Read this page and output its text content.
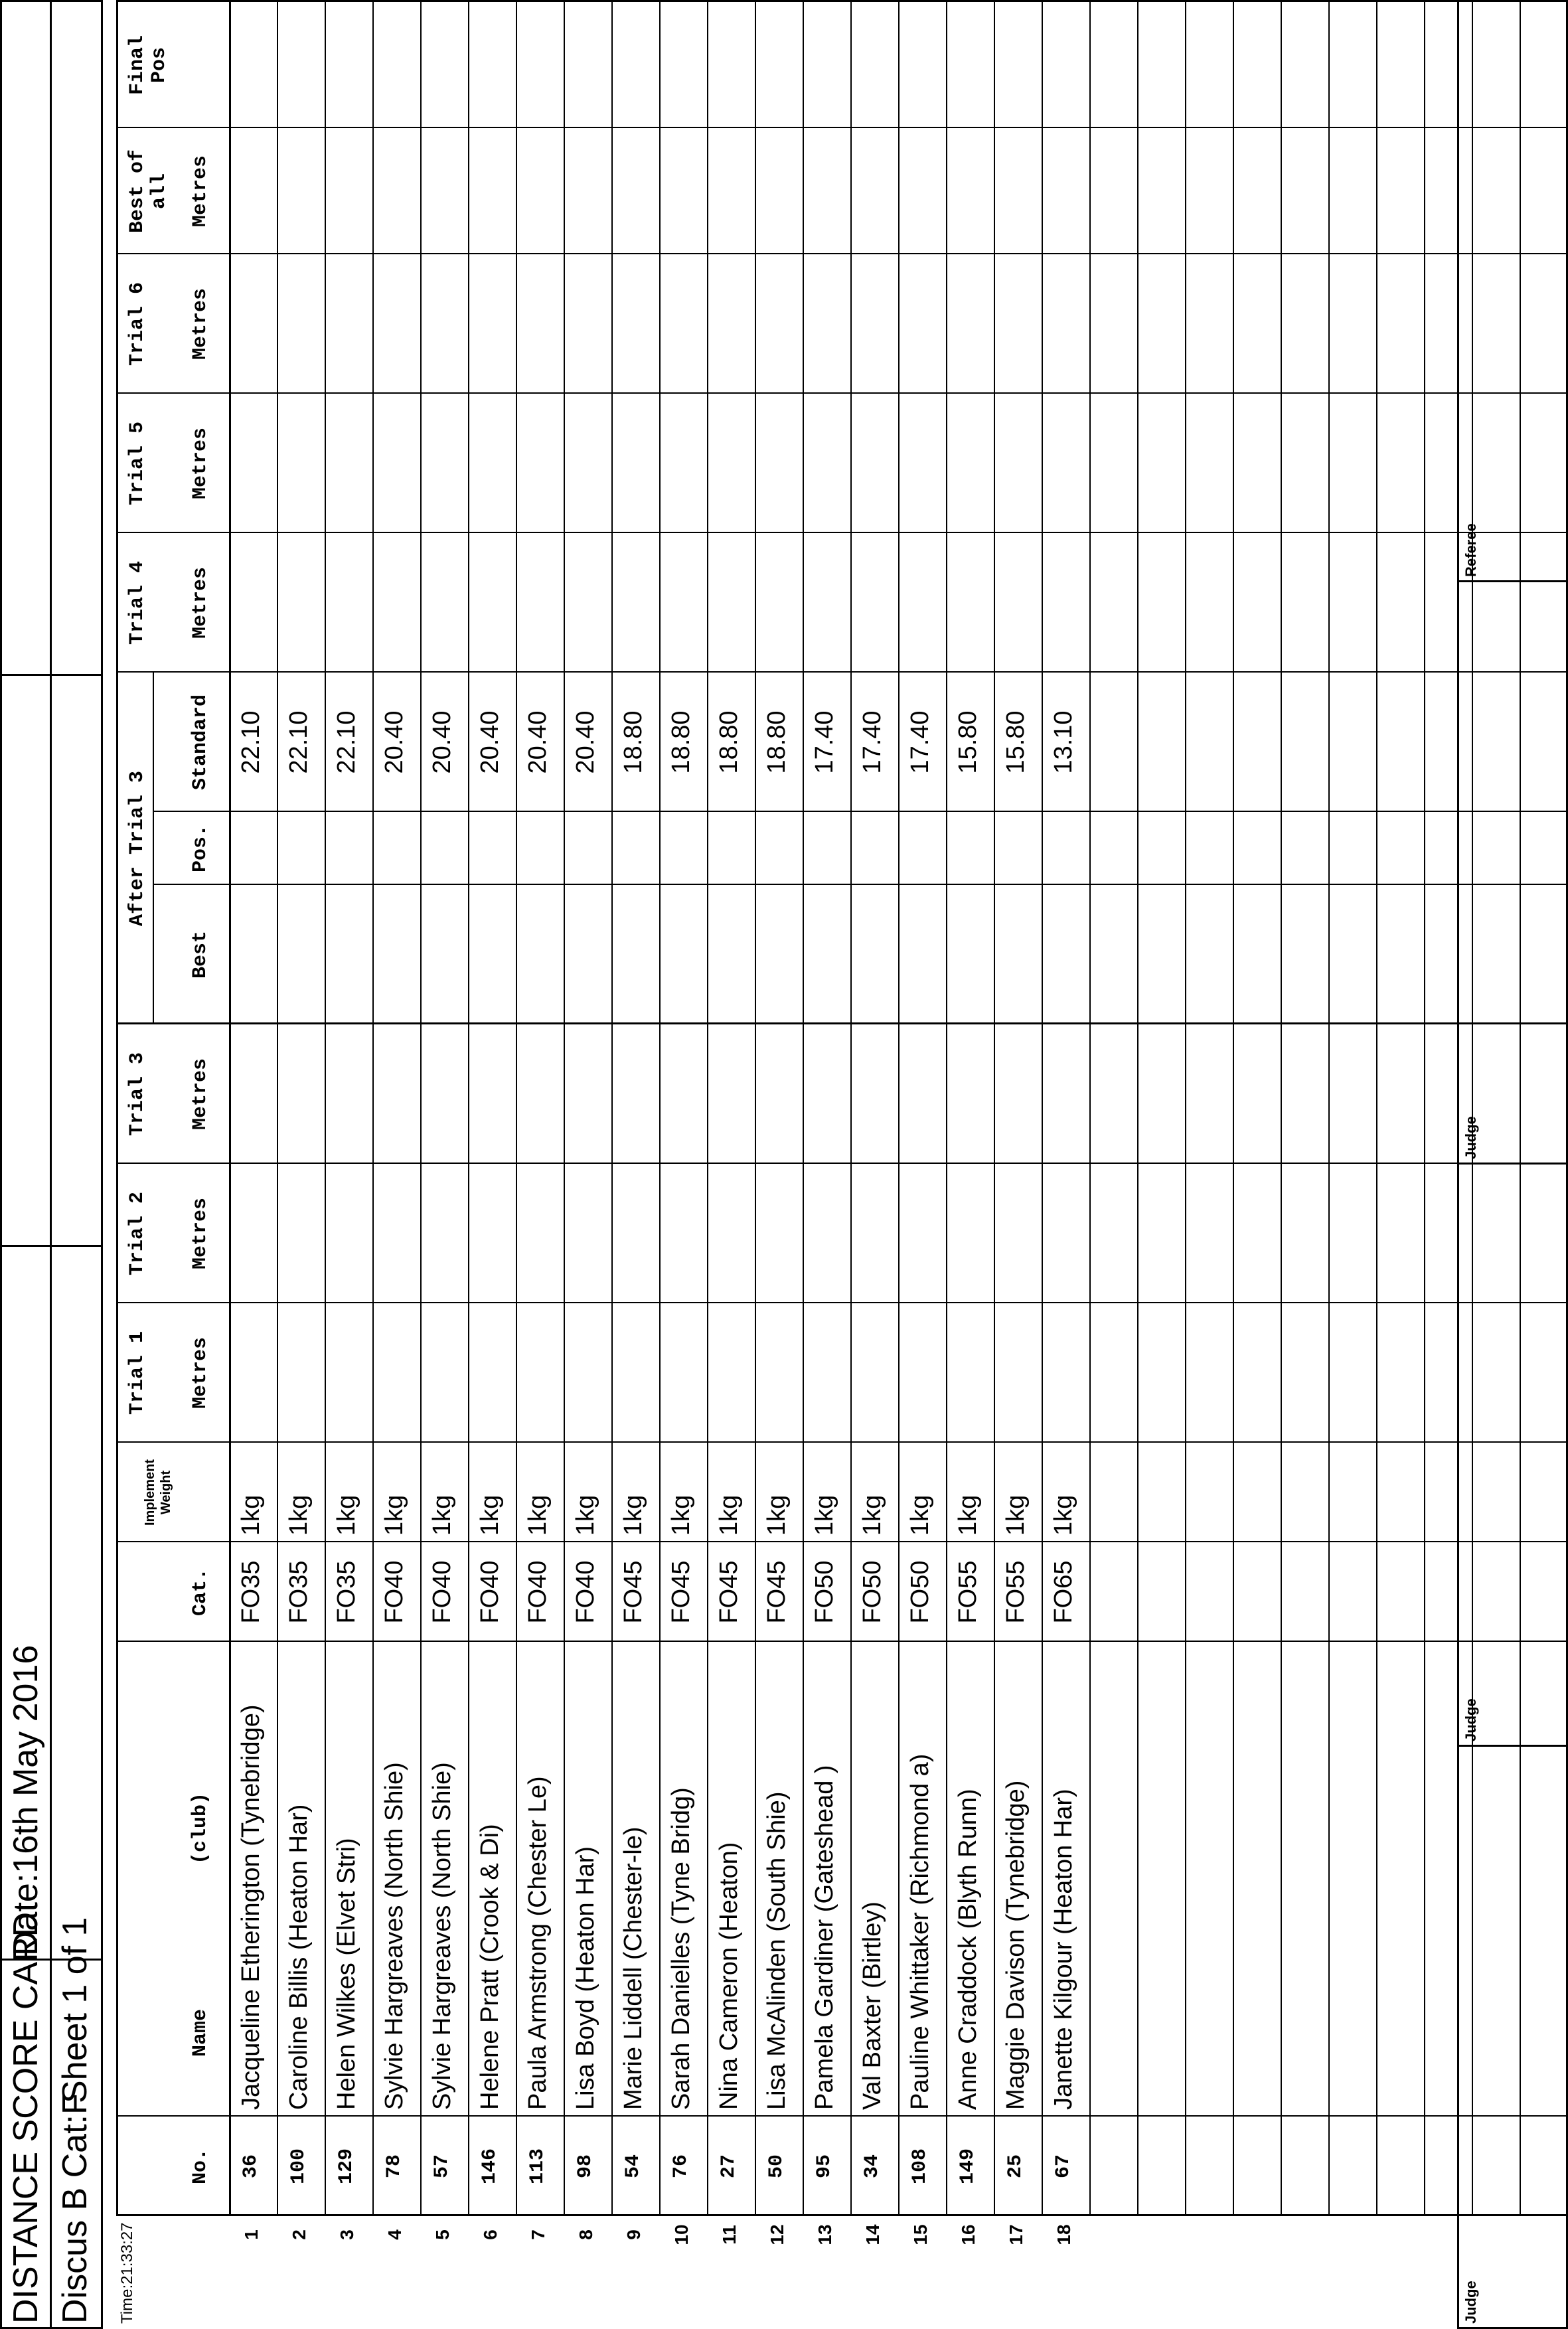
DISTANCE SCORE CARD
Date:16th May 2016
Discus B Cat:F
Sheet 1 of 1
Time:21:33:27	Judge
Judge
Judge
Referee
No.
Name
(club)
Cat.
Implement Weight
Trial 1 Metres
Trial 2 Metres
Trial 3 Metres
After Trial 3
Best
Pos.
Standard
Trial 4 Metres
Trial 5 Metres
Trial 6 Metres
Best of all Metres
Final Pos
1 2 3 4 5 6 7 8 9 10 11 12 13 14 15 16 17 18
36
Jacqueline Etherington (Tynebridge)
FO35
1kg
22.10
100
Caroline Billis (Heaton Har)
FO35
1kg
22.10
129
Helen Wilkes (Elvet Stri)
FO35
1kg
22.10
78
Sylvie Hargreaves (North Shie)
FO40
1kg
20.40
57
Sylvie Hargreaves (North Shie)
FO40
1kg
20.40
146
Helene Pratt (Crook & Di)
FO40
1kg
20.40
113
Paula Armstrong (Chester Le)
FO40
1kg
20.40
98
Lisa Boyd (Heaton Har)
FO40
1kg
20.40
54
Marie Liddell (Chester-le)
FO45
1kg
18.80
76
Sarah Danielles (Tyne Bridg)
FO45
1kg
18.80
27
Nina Cameron (Heaton)
FO45
1kg
18.80
50
Lisa McAlinden (South Shie)
FO45
1kg
18.80
95
Pamela Gardiner (Gateshead )
FO50
1kg
17.40
34
Val Baxter (Birtley)
FO50
1kg
17.40
108
Pauline Whittaker (Richmond a)
FO50
1kg
17.40
149
Anne Craddock (Blyth Runn)
FO55
1kg
15.80
25
Maggie Davison (Tynebridge)
FO55
1kg
15.80
67
Janette Kilgour (Heaton Har)
FO65
1kg
13.10
